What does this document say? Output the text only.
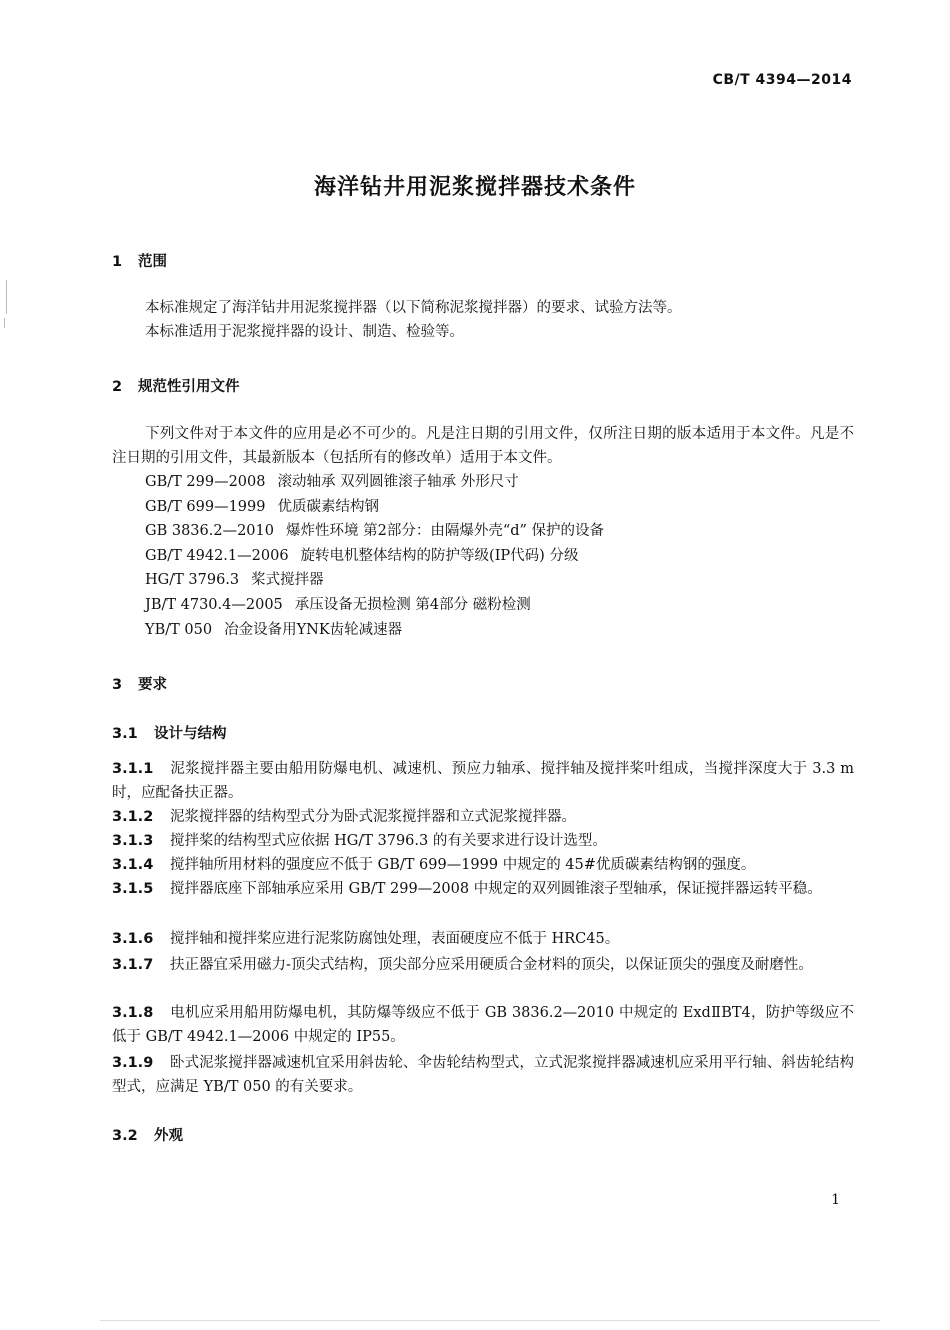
CB/T 4394—2014
海洋钻井用泥浆搅拌器技术条件
1 范围
本标准规定了海洋钻井用泥浆搅拌器（以下简称泥浆搅拌器）的要求、试验方法等。
本标准适用于泥浆搅拌器的设计、制造、检验等。
2 规范性引用文件
下列文件对于本文件的应用是必不可少的。凡是注日期的引用文件，仅所注日期的版本适用于本文件。凡是不注日期的引用文件，其最新版本（包括所有的修改单）适用于本文件。
GB/T 299—2008 滚动轴承 双列圆锥滚子轴承 外形尺寸
GB/T 699—1999 优质碳素结构钢
GB 3836.2—2010 爆炸性环境 第2部分：由隔爆外壳“d” 保护的设备
GB/T 4942.1—2006 旋转电机整体结构的防护等级(IP代码) 分级
HG/T 3796.3 桨式搅拌器
JB/T 4730.4—2005 承压设备无损检测 第4部分 磁粉检测
YB/T 050 冶金设备用YNK齿轮减速器
3 要求
3.1 设计与结构
3.1.1 泥浆搅拌器主要由船用防爆电机、减速机、预应力轴承、搅拌轴及搅拌桨叶组成，当搅拌深度大于 3.3 m 时，应配备扶正器。
3.1.2 泥浆搅拌器的结构型式分为卧式泥浆搅拌器和立式泥浆搅拌器。
3.1.3 搅拌桨的结构型式应依据 HG/T 3796.3 的有关要求进行设计选型。
3.1.4 搅拌轴所用材料的强度应不低于 GB/T 699—1999 中规定的 45#优质碳素结构钢的强度。
3.1.5 搅拌器底座下部轴承应采用 GB/T 299—2008 中规定的双列圆锥滚子型轴承，保证搅拌器运转平稳。
3.1.6 搅拌轴和搅拌桨应进行泥浆防腐蚀处理，表面硬度应不低于 HRC45。
3.1.7 扶正器宜采用磁力-顶尖式结构，顶尖部分应采用硬质合金材料的顶尖，以保证顶尖的强度及耐磨性。
3.1.8 电机应采用船用防爆电机，其防爆等级应不低于 GB 3836.2—2010 中规定的 ExdⅡBT4，防护等级应不低于 GB/T 4942.1—2006 中规定的 IP55。
3.1.9 卧式泥浆搅拌器减速机宜采用斜齿轮、伞齿轮结构型式，立式泥浆搅拌器减速机应采用平行轴、斜齿轮结构型式，应满足 YB/T 050 的有关要求。
3.2 外观
1
